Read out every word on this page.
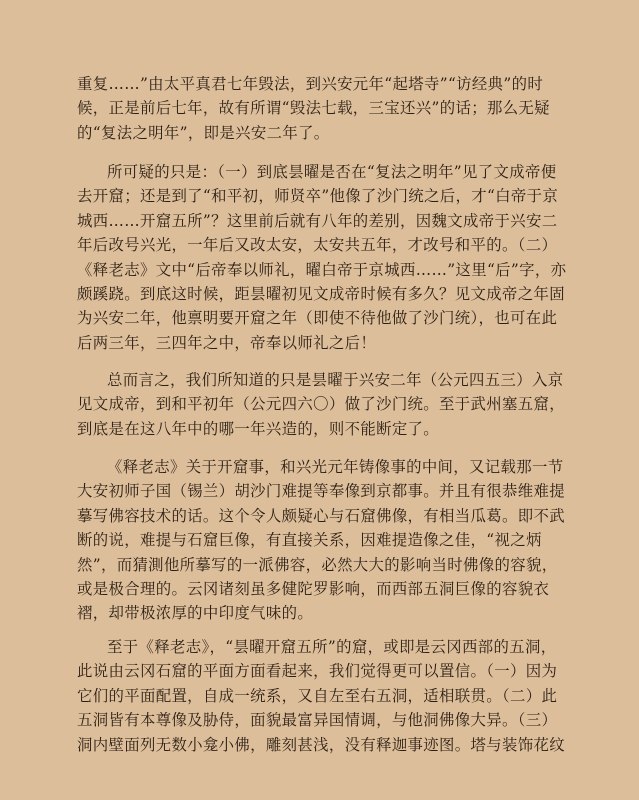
重复……”由太平真君七年毁法，到兴安元年“起塔寺”“访经典”的时
候，正是前后七年，故有所谓“毁法七载，三宝还兴”的话；那么无疑
的“复法之明年”，即是兴安二年了。
所可疑的只是：（一）到底昙曜是否在“复法之明年”见了文成帝便
去开窟；还是到了“和平初，师贤卒”他像了沙门统之后，才“白帝于京
城西……开窟五所”？这里前后就有八年的差别，因魏文成帝于兴安二
年后改号兴光，一年后又改太安，太安共五年，才改号和平的。（二）
《释老志》文中“后帝奉以师礼，曜白帝于京城西……”这里“后”字，亦
颇蹊跷。到底这时候，距昙曜初见文成帝时候有多久？见文成帝之年固
为兴安二年，他禀明要开窟之年（即使不待他做了沙门统），也可在此
后两三年，三四年之中，帝奉以师礼之后！
总而言之，我们所知道的只是昙曜于兴安二年（公元四五三）入京
见文成帝，到和平初年（公元四六〇）做了沙门统。至于武州塞五窟，
到底是在这八年中的哪一年兴造的，则不能断定了。
《释老志》关于开窟事，和兴光元年铸像事的中间，又记载那一节
大安初师子国（锡兰）胡沙门难提等奉像到京都事。并且有很恭维难提
摹写佛容技术的话。这个令人颇疑心与石窟佛像，有相当瓜葛。即不武
断的说，难提与石窟巨像，有直接关系，因难提造像之佳，“视之炳
然”，而猜測他所摹写的一派佛容，必然大大的影响当时佛像的容貌，
或是极合理的。云冈诸刻虽多健陀罗影响，而西部五洞巨像的容貌衣
褶，却带极浓厚的中印度气味的。
至于《释老志》，“昙曜开窟五所”的窟，或即是云冈西部的五洞，
此说由云冈石窟的平面方面看起来，我们觉得更可以置信。（一）因为
它们的平面配置，自成一统系，又自左至右五洞，适相联贯。（二）此
五洞皆有本尊像及胁侍，面貌最富异国情调，与他洞佛像大异。（三）
洞内壁面列无数小龛小佛，雕刻甚浅，没有释迦事迹图。塔与装饰花纹
